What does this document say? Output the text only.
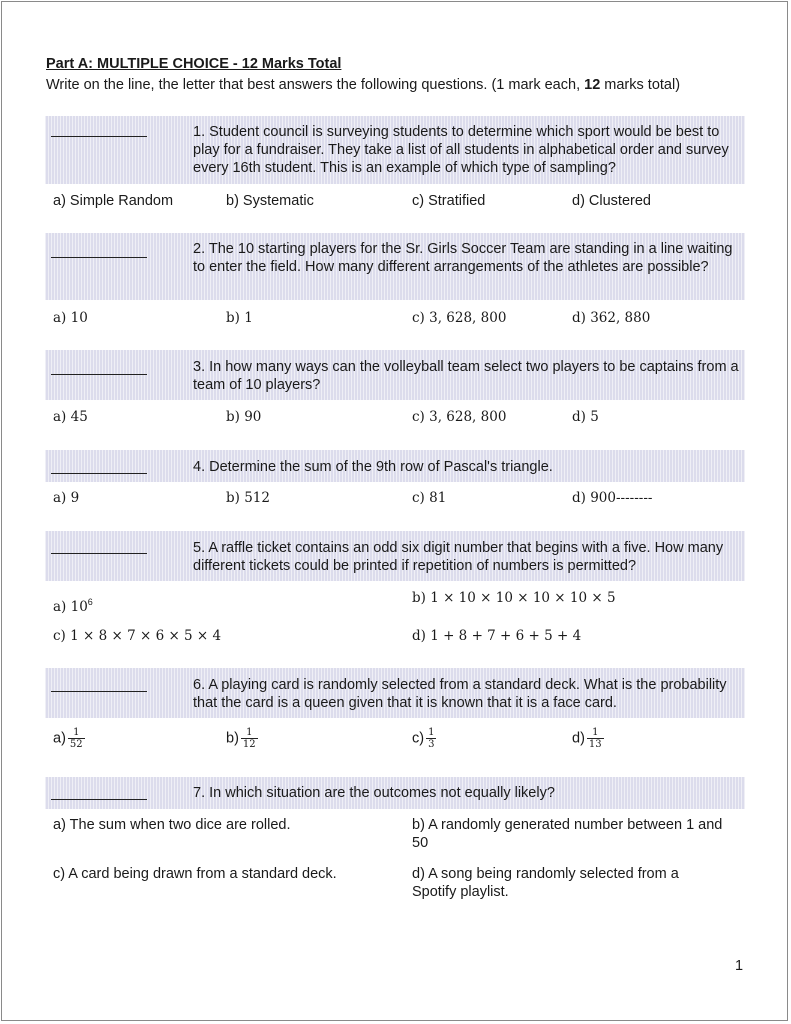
Part A: MULTIPLE CHOICE - 12 Marks Total
Write on the line, the letter that best answers the following questions. (1 mark each, 12 marks total)
1. Student council is surveying students to determine which sport would be best to play for a fundraiser. They take a list of all students in alphabetical order and survey every 16th student. This is an example of which type of sampling?
a) Simple Random	b) Systematic	c) Stratified	d) Clustered
2. The 10 starting players for the Sr. Girls Soccer Team are standing in a line waiting to enter the field. How many different arrangements of the athletes are possible?
a) 10	b) 1	c) 3, 628, 800	d) 362, 880
3. In how many ways can the volleyball team select two players to be captains from a team of 10 players?
a) 45	b) 90	c) 3, 628, 800	d) 5
4. Determine the sum of the 9th row of Pascal's triangle.
a) 9	b) 512	c) 81	d) 900--------
5. A raffle ticket contains an odd six digit number that begins with a five. How many different tickets could be printed if repetition of numbers is permitted?
a) $10^6$	b) 1 × 10 × 10 × 10 × 10 × 5
c) 1 × 8 × 7 × 6 × 5 × 4	d) 1 + 8 + 7 + 6 + 5 + 4
6. A playing card is randomly selected from a standard deck. What is the probability that the card is a queen given that it is known that it is a face card.
$a) \frac{1}{52}$	$b) \frac{1}{12}$	$c) \frac{1}{3}$	$d) \frac{1}{13}$
7. In which situation are the outcomes not equally likely?
a) The sum when two dice are rolled.	b) A randomly generated number between 1 and 50
c) A card being drawn from a standard deck.	d) A song being randomly selected from a Spotify playlist.
1
